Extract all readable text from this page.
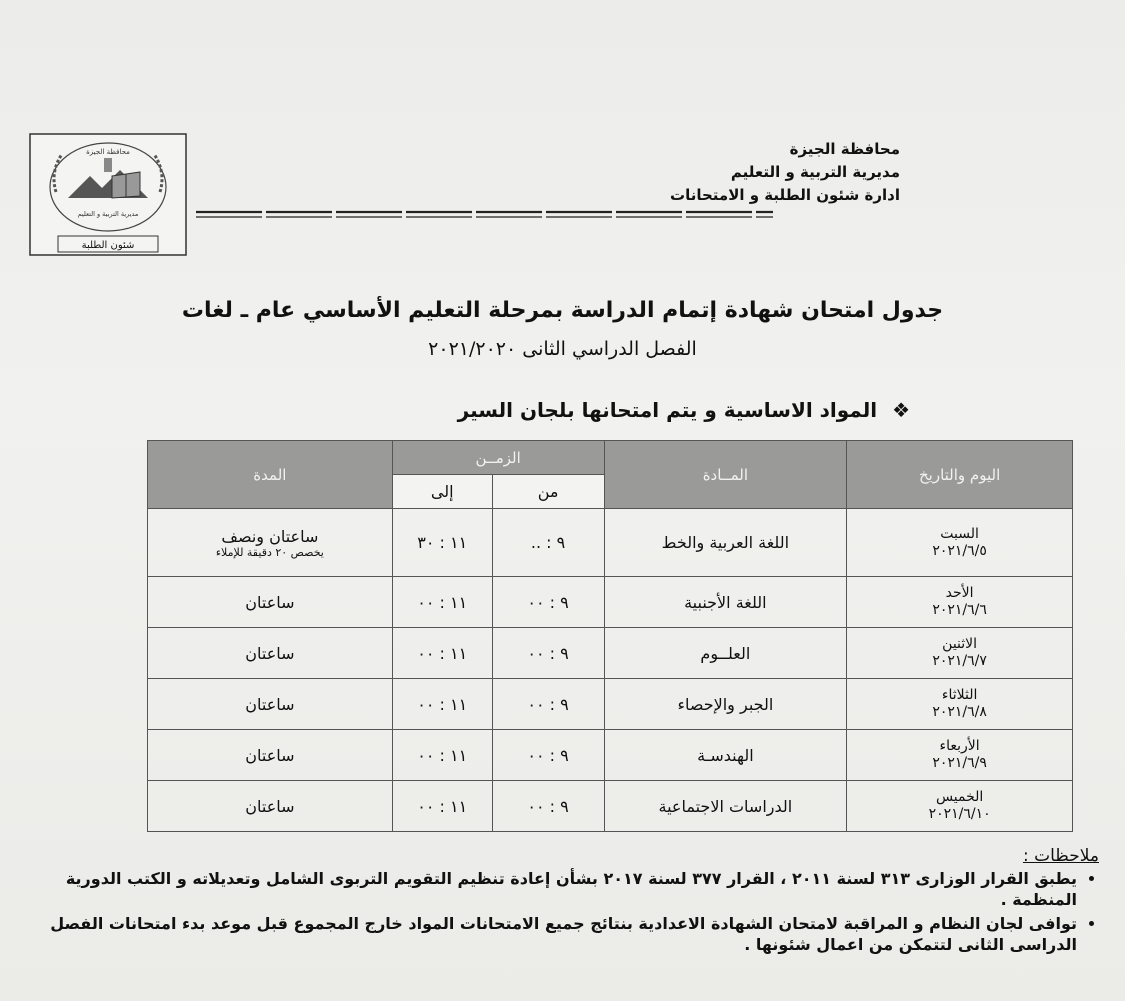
محافظة الجيزة
مديرية التربية و التعليم
ادارة شئون الطلبة و الامتحانات
محافظة الجيزة
مديرية التربية و التعليم
شئون الطلبة
جدول امتحان شهادة إتمام الدراسة بمرحلة التعليم الأساسي عام ـ لغات
الفصل الدراسي الثانى ٢٠٢١/٢٠٢٠
❖ المواد الاساسية و يتم امتحانها بلجان السير
اليوم والتاريخ	المــادة	الزمــن		المدة
		من	إلى	
السبت
٢٠٢١/٦/٥	اللغة العربية والخط	٩ : ..	١١ : ٣٠	ساعتان ونصف
يخصص ٢٠ دقيقة للإملاء

الأحد
٢٠٢١/٦/٦	اللغة الأجنبية	٩ : ٠٠	١١ : ٠٠	ساعتان
الاثنين
٢٠٢١/٦/٧	العلــوم	٩ : ٠٠	١١ : ٠٠	ساعتان
الثلاثاء
٢٠٢١/٦/٨	الجبر والإحصاء	٩ : ٠٠	١١ : ٠٠	ساعتان
الأربعاء
٢٠٢١/٦/٩	الهندسـة	٩ : ٠٠	١١ : ٠٠	ساعتان
الخميس
٢٠٢١/٦/١٠	الدراسات الاجتماعية	٩ : ٠٠	١١ : ٠٠	ساعتان
ملاحظات :
• يطبق القرار الوزارى ٣١٣ لسنة ٢٠١١ ، القرار ٣٧٧ لسنة ٢٠١٧ بشأن إعادة تنظيم التقويم التربوى الشامل وتعديلاته و الكتب الدورية المنظمة .
• توافى لجان النظام و المراقبة لامتحان الشهادة الاعدادية بنتائج جميع الامتحانات المواد خارج المجموع قبل موعد بدء امتحانات الفصل الدراسى الثانى لتتمكن من اعمال شئونها .
